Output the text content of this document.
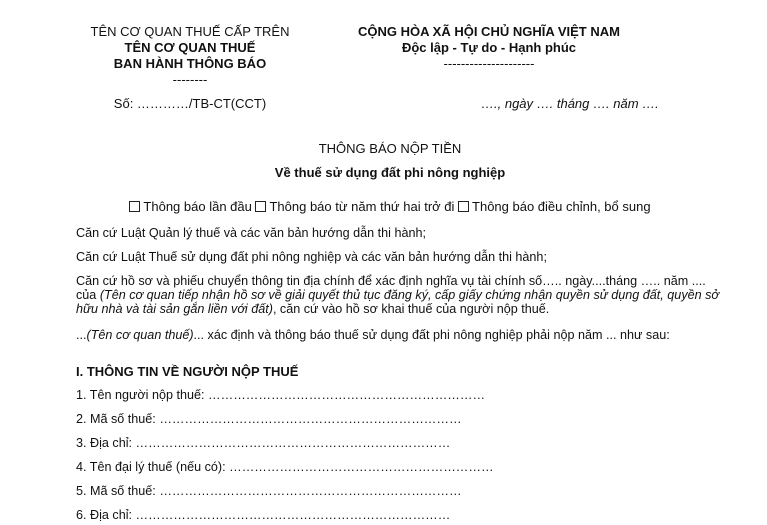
TÊN CƠ QUAN THUẾ CẤP TRÊN
TÊN CƠ QUAN THUẾ
BAN HÀNH THÔNG BÁO
--------
Số: …………/TB-CT(CCT)
CỘNG HÒA XÃ HỘI CHỦ NGHĨA VIỆT NAM
Độc lập - Tự do - Hạnh phúc
---------------------
…., ngày …. tháng …. năm ….
THÔNG BÁO NỘP TIỀN
Về thuế sử dụng đất phi nông nghiệp
Thông báo lần đầu Thông báo từ năm thứ hai trở đi Thông báo điều chỉnh, bổ sung
Căn cứ Luật Quản lý thuế và các văn bản hướng dẫn thi hành;
Căn cứ Luật Thuế sử dụng đất phi nông nghiệp và các văn bản hướng dẫn thi hành;
Căn cứ hồ sơ và phiếu chuyển thông tin địa chính để xác định nghĩa vụ tài chính số….. ngày....tháng ….. năm .... của (Tên cơ quan tiếp nhận hồ sơ về giải quyết thủ tục đăng ký, cấp giấy chứng nhận quyền sử dụng đất, quyền sở hữu nhà và tài sản gắn liền với đất), căn cứ vào hồ sơ khai thuế của người nộp thuế.
...(Tên cơ quan thuế)... xác định và thông báo thuế sử dụng đất phi nông nghiệp phải nộp năm ... như sau:
I. THÔNG TIN VỀ NGƯỜI NỘP THUẾ
1. Tên người nộp thuế: …………………………………………………………
2. Mã số thuế: ………………………………………………………………
3. Địa chỉ: …………………………………………………………………
4. Tên đại lý thuế (nếu có): ………………………………………………………
5. Mã số thuế: ………………………………………………………………
6. Địa chỉ: …………………………………………………………………
